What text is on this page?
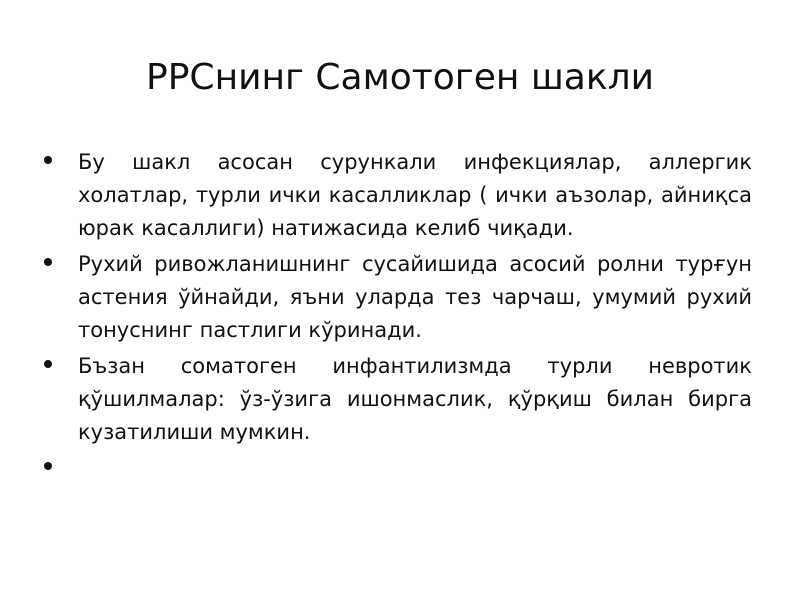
РРСнинг Самотоген шакли
Бу шакл асосан сурункали инфекциялар, аллергик холатлар, турли ички касалликлар ( ички аъзолар, айниқса юрак касаллиги) натижасида келиб чиқади.
Рухий ривожланишнинг сусайишида асосий ролни турғун астения ўйнайди, яъни уларда тез чарчаш, умумий рухий тонуснинг пастлиги кўринади.
Бъзан соматоген инфантилизмда турли невротик қўшилмалар: ўз-ўзига ишонмаслик, қўрқиш билан бирга кузатилиши мумкин.
